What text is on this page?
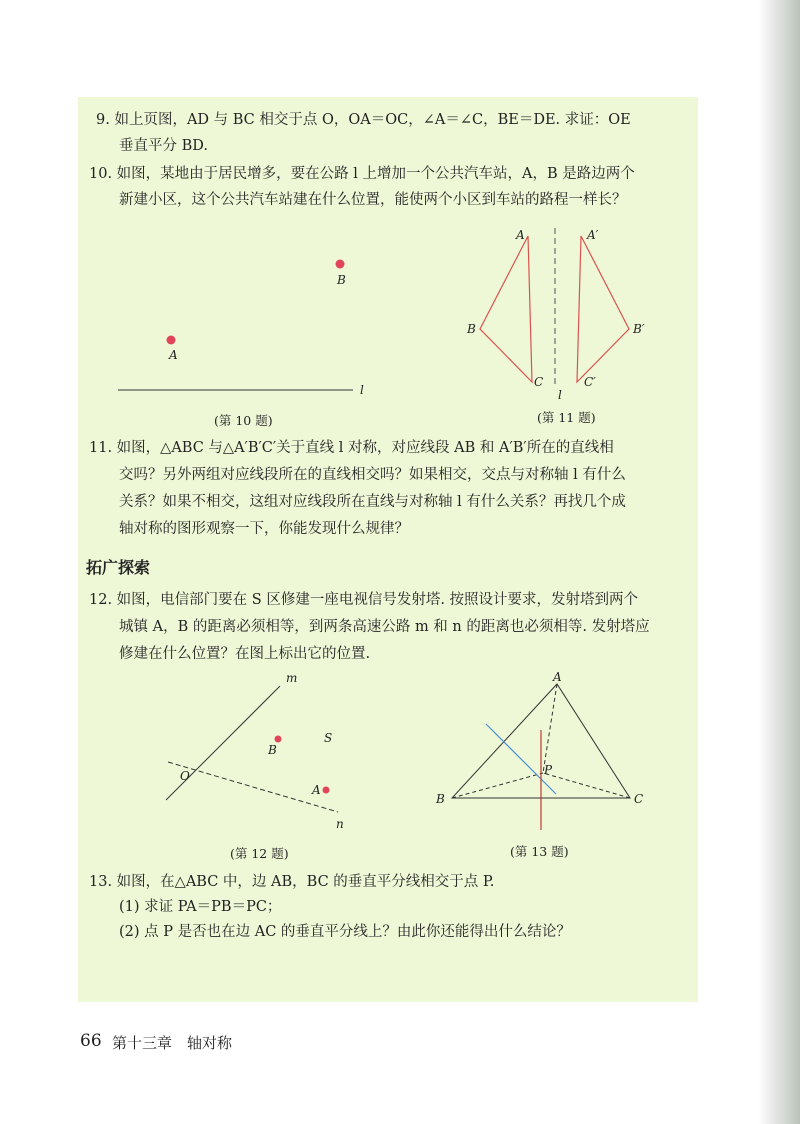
9. 如上页图，AD 与 BC 相交于点 O，OA＝OC，∠A＝∠C，BE＝DE. 求证：OE
垂直平分 BD.
10. 如图，某地由于居民增多，要在公路 l 上增加一个公共汽车站，A，B 是路边两个
新建小区，这个公共汽车站建在什么位置，能使两个小区到车站的路程一样长？
B
A
l
(第 10 题)
A
B
C
A′
B′
C′
l
(第 11 题)
11. 如图，△ABC 与△A′B′C′关于直线 l 对称，对应线段 AB 和 A′B′所在的直线相
交吗？另外两组对应线段所在的直线相交吗？如果相交，交点与对称轴 l 有什么
关系？如果不相交，这组对应线段所在直线与对称轴 l 有什么关系？再找几个成
轴对称的图形观察一下，你能发现什么规律？
拓广探索
12. 如图，电信部门要在 S 区修建一座电视信号发射塔. 按照设计要求，发射塔到两个
城镇 A，B 的距离必须相等，到两条高速公路 m 和 n 的距离也必须相等. 发射塔应
修建在什么位置？在图上标出它的位置.
m
n
O
B
S
A
(第 12 题)
A
B	C
P
(第 13 题)
13. 如图，在△ABC 中，边 AB，BC 的垂直平分线相交于点 P.
(1) 求证 PA＝PB＝PC；
(2) 点 P 是否也在边 AC 的垂直平分线上？由此你还能得出什么结论？
66 第十三章　轴对称
